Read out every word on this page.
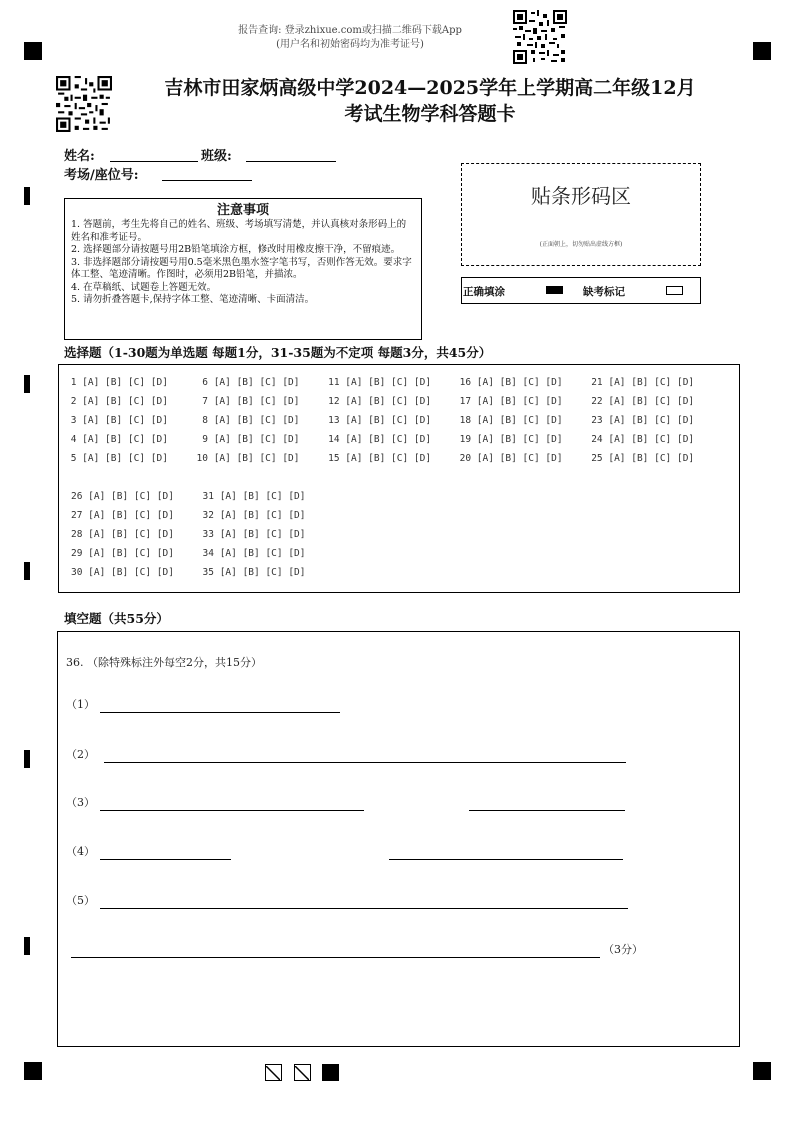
报告查询: 登录zhixue.com或扫描二维码下载App
(用户名和初始密码均为准考证号)
吉林市田家炳高级中学2024—2025学年上学期高二年级12月
考试生物学科答题卡
姓名:	班级:
考场/座位号:
注意事项
1. 答题前，考生先将自己的姓名、班级、考场填写清楚，并认真核对条形码上的姓名和准考证号。
2. 选择题部分请按题号用2B铅笔填涂方框，修改时用橡皮擦干净，不留痕迹。
3. 非选择题部分请按题号用0.5毫米黑色墨水签字笔书写，否则作答无效。要求字体工整、笔迹清晰。作图时，必须用2B铅笔，并描浓。
4. 在草稿纸、试题卷上答题无效。
5. 请勿折叠答题卡,保持字体工整、笔迹清晰、卡面清洁。
贴条形码区
(正面朝上，切勿贴出虚线方框)
正确填涂	缺考标记
选择题（1-30题为单选题 每题1分，31-35题为不定项 每题3分，共45分）
1 [A] [B] [C] [D]      6 [A] [B] [C] [D]     11 [A] [B] [C] [D]     16 [A] [B] [C] [D]     21 [A] [B] [C] [D]
2 [A] [B] [C] [D]      7 [A] [B] [C] [D]     12 [A] [B] [C] [D]     17 [A] [B] [C] [D]     22 [A] [B] [C] [D]
3 [A] [B] [C] [D]      8 [A] [B] [C] [D]     13 [A] [B] [C] [D]     18 [A] [B] [C] [D]     23 [A] [B] [C] [D]
4 [A] [B] [C] [D]      9 [A] [B] [C] [D]     14 [A] [B] [C] [D]     19 [A] [B] [C] [D]     24 [A] [B] [C] [D]
5 [A] [B] [C] [D]     10 [A] [B] [C] [D]     15 [A] [B] [C] [D]     20 [A] [B] [C] [D]     25 [A] [B] [C] [D]
26 [A] [B] [C] [D]     31 [A] [B] [C] [D]
27 [A] [B] [C] [D]     32 [A] [B] [C] [D]
28 [A] [B] [C] [D]     33 [A] [B] [C] [D]
29 [A] [B] [C] [D]     34 [A] [B] [C] [D]
30 [A] [B] [C] [D]     35 [A] [B] [C] [D]
填空题（共55分）
36. （除特殊标注外每空2分，共15分）
（1）
（2）
（3）
（4）
（5）
（3分）
